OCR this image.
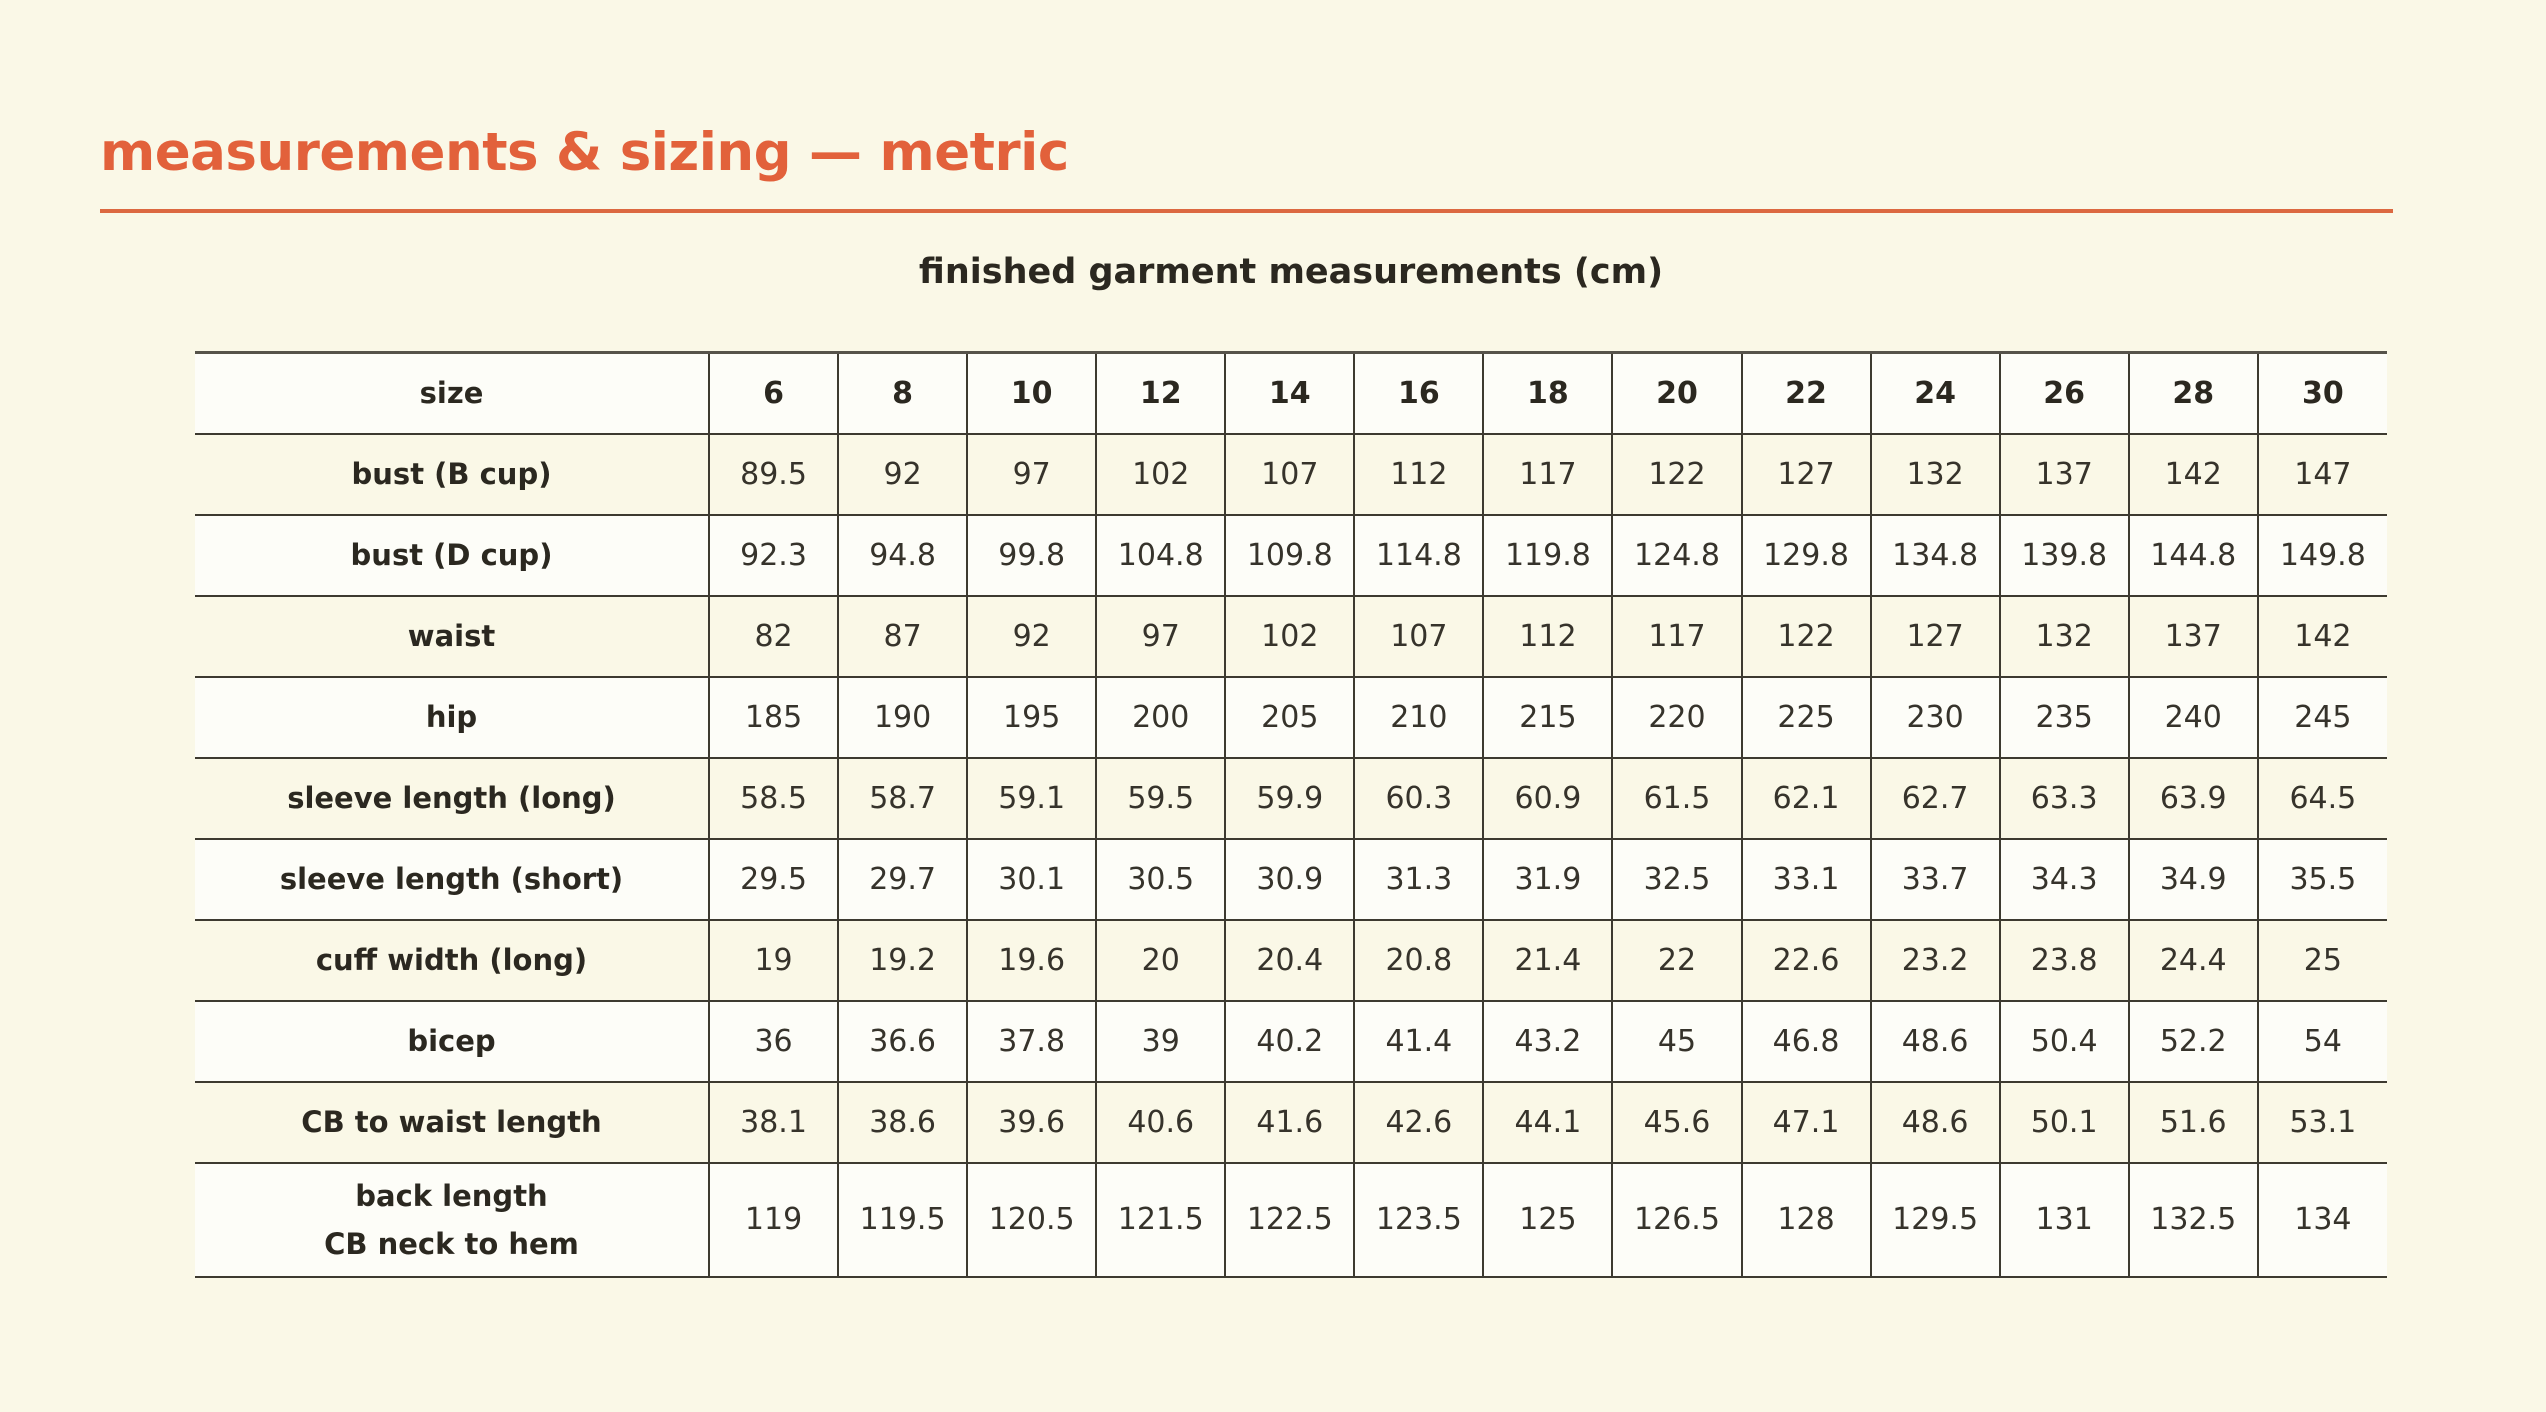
measurements & sizing — metric
finished garment measurements (cm)
size	6	8	10	12	14	16	18	20	22	24	26	28	30

bust (B cup)	89.5	92	97	102	107	112	117	122	127	132	137	142	147

bust (D cup)	92.3	94.8	99.8	104.8	109.8	114.8	119.8	124.8	129.8	134.8	139.8	144.8	149.8

waist	82	87	92	97	102	107	112	117	122	127	132	137	142

hip	185	190	195	200	205	210	215	220	225	230	235	240	245

sleeve length (long)	58.5	58.7	59.1	59.5	59.9	60.3	60.9	61.5	62.1	62.7	63.3	63.9	64.5

sleeve length (short)	29.5	29.7	30.1	30.5	30.9	31.3	31.9	32.5	33.1	33.7	34.3	34.9	35.5

cuff width (long)	19	19.2	19.6	20	20.4	20.8	21.4	22	22.6	23.2	23.8	24.4	25

bicep	36	36.6	37.8	39	40.2	41.4	43.2	45	46.8	48.6	50.4	52.2	54

CB to waist length	38.1	38.6	39.6	40.6	41.6	42.6	44.1	45.6	47.1	48.6	50.1	51.6	53.1

back length
CB neck to hem	119	119.5	120.5	121.5	122.5	123.5	125	126.5	128	129.5	131	132.5	134
